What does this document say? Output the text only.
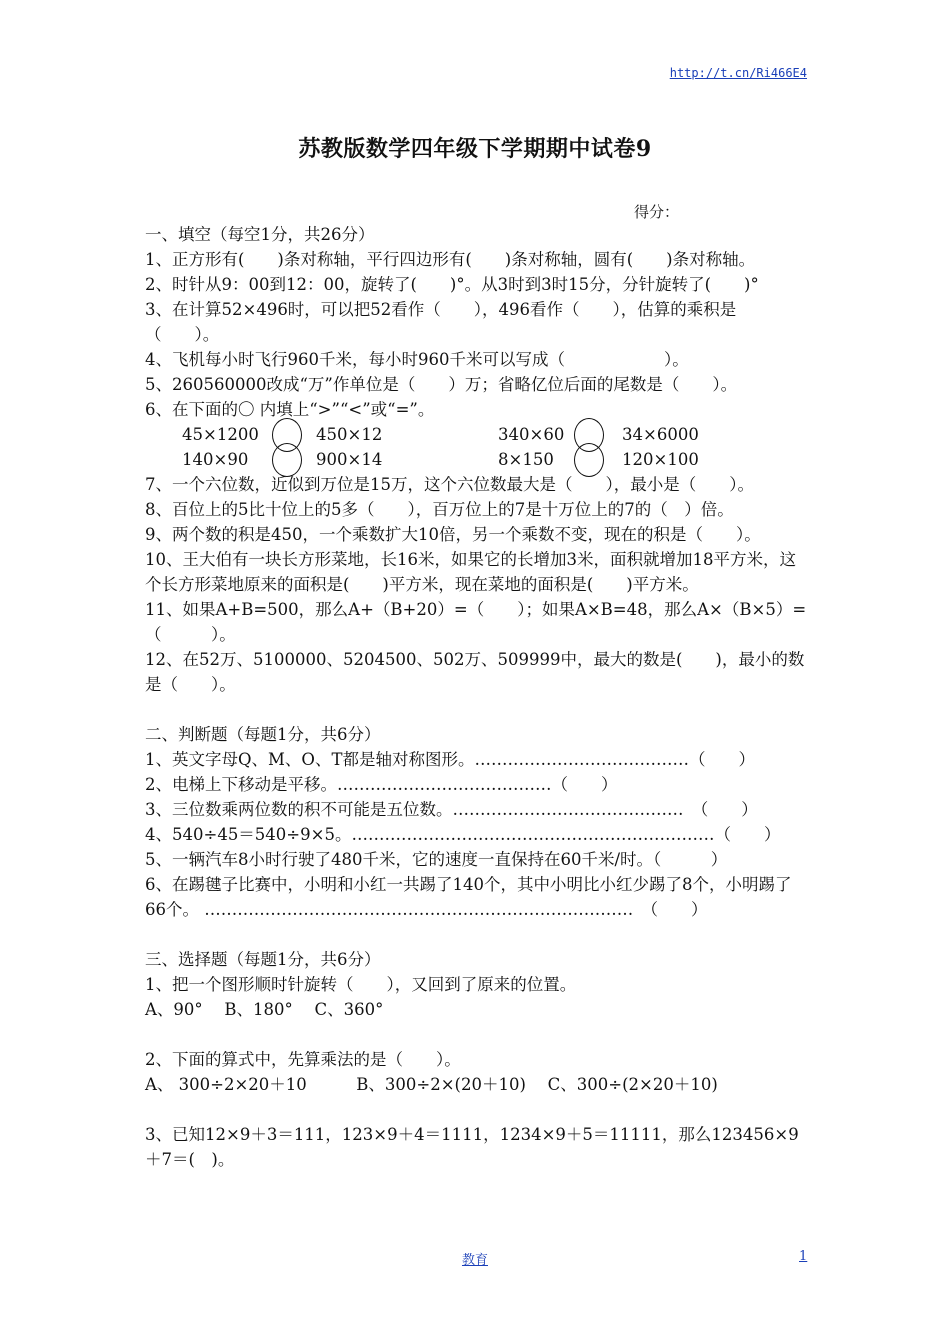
http://t.cn/Ri466E4
苏教版数学四年级下学期期中试卷9
得分：
一、填空（每空1分，共26分）
1、正方形有(　　)条对称轴，平行四边形有(　　)条对称轴，圆有(　　)条对称轴。
2、时针从9：00到12：00，旋转了(　　)°。从3时到3时15分，分针旋转了(　　)°
3、在计算52×496时，可以把52看作（　　），496看作（　　），估算的乘积是（　　）。
4、飞机每小时飞行960千米，每小时960千米可以写成（　　　　　　）。
5、260560000改成“万”作单位是（　　）万；省略亿位后面的尾数是（　　）。
6、在下面的〇 内填上“>”“<”或“=”。
45×1200	450×12	340×60	34×6000
140×90	900×14	8×150	120×100
7、一个六位数，近似到万位是15万，这个六位数最大是（　　），最小是（　　）。
8、百位上的5比十位上的5多（　　），百万位上的7是十万位上的7的（　）倍。
9、两个数的积是450，一个乘数扩大10倍，另一个乘数不变，现在的积是（　　）。
10、王大伯有一块长方形菜地，长16米，如果它的长增加3米，面积就增加18平方米，这个长方形菜地原来的面积是(　　)平方米，现在菜地的面积是(　　)平方米。
11、如果A+B=500，那么A+（B+20）=（　　）；如果A×B=48，那么A×（B×5）=（　　　）。
12、在52万、5100000、5204500、502万、509999中，最大的数是(　　)，最小的数是（　　）。
二、判断题（每题1分，共6分）
1、英文字母Q、M、O、T都是轴对称图形。…………………………………（　　）
2、电梯上下移动是平移。…………………………………（　　）
3、三位数乘两位数的积不可能是五位数。……………………………………　（　　）
4、540÷45＝540÷9×5。…………………………………………………………（　　）
5、一辆汽车8小时行驶了480千米，它的速度一直保持在60千米/时。（　　　）
6、在踢毽子比赛中，小明和小红一共踢了140个，其中小明比小红少踢了8个，小明踢了66个。 ……………………………………………………………………　（　　）
三、选择题（每题1分，共6分）
1、把一个图形顺时针旋转（　　），又回到了原来的位置。
A、90°　 B、180°　 C、360°
2、下面的算式中，先算乘法的是（　　）。
A、 300÷2×20＋10　　　B、300÷2×(20＋10)　 C、300÷(2×20＋10)
3、已知12×9＋3＝111，123×9＋4＝1111，1234×9＋5＝11111，那么123456×9＋7＝(　)。
教育	1
